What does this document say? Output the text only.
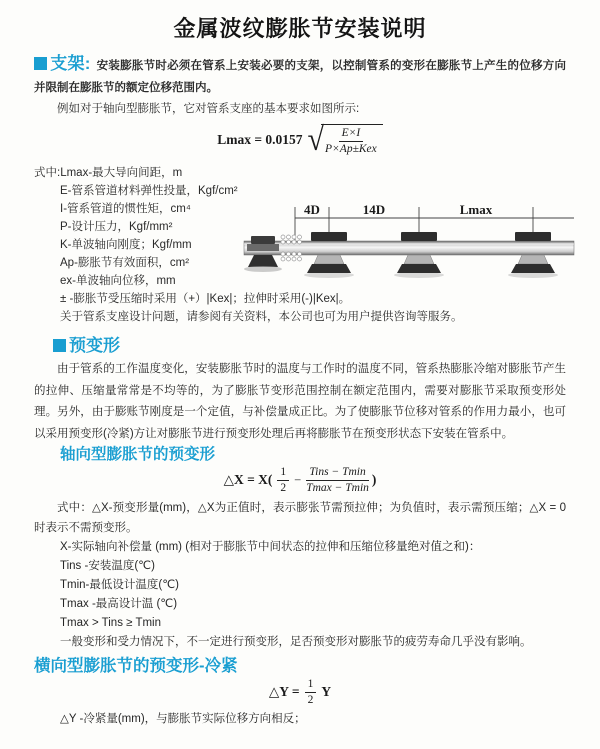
金属波纹膨胀节安装说明

支架: 安装膨胀节时必须在管系上安装必要的支架，以控制管系的变形在膨胀节上产生的位移方向并限制在膨胀节的额定位移范围内。

例如对于轴向型膨胀节，它对管系支座的基本要求如图所示:

Lmax = 0.0157 √ $\frac{E\times I}{\text{P×Ap±Kex}}$
式中:Lmax-最大导向间距，m
E-管系管道材料弹性投量，Kgf/cm²
I-管系管道的惯性矩，cm⁴
P-设计压力，Kgf/mm²
K-单波轴向刚度；Kgf/mm
Ap-膨胀节有效面积，cm²
ex-单波轴向位移，mm
± -膨胀节受压缩时采用（+）|Kex|；拉伸时采用(-)|Kex|。
关于管系支座设计问题，请参阅有关资料，本公司也可为用户提供咨询等服务。
4D	14D	Lmax
预变形

由于管系的工作温度变化，安装膨胀节时的温度与工作时的温度不同，管系热膨胀冷缩对膨胀节产生的拉伸、压缩量常常是不均等的，为了膨胀节变形范围控制在额定范围内，需要对膨胀节采取预变形处理。另外，由于膨账节刚度是一个定值，与补偿量成正比。为了使膨胀节位移对管系的作用力最小，也可以采用预变形(冷紧)方让对膨胀节进行预变形处理后再将膨胀节在预变形状态下安装在管系中。

轴向型膨胀节的预变形
△X = $X( \frac{1}{2} - \frac{\text{Tins − Tmin}}{Tmax - Tmin}$ )

式中：△X-预变形量(mm)，△X为正值时，表示膨张节需预拉伸；为负值时，表示需预压缩；△X = 0时表示不需预变形。

X-实际轴向补偿量 (mm) (相对于膨胀节中间状态的拉伸和压缩位移量绝对值之和)：
Tins -安装温度(℃)
Tmin-最低设计温度(℃)
Tmax -最高设计温 (℃)
Tmax > Tins ≥ Tmin
一般变形和受力情况下，不一定进行预变形，足否预变形对膨胀节的疲劳寿命几乎没有影响。
横向型膨胀节的预变形-冷紧
△Y = $\frac{1}{2}$ Y
△Y -冷紧量(mm)，与膨胀节实际位移方向相反；
